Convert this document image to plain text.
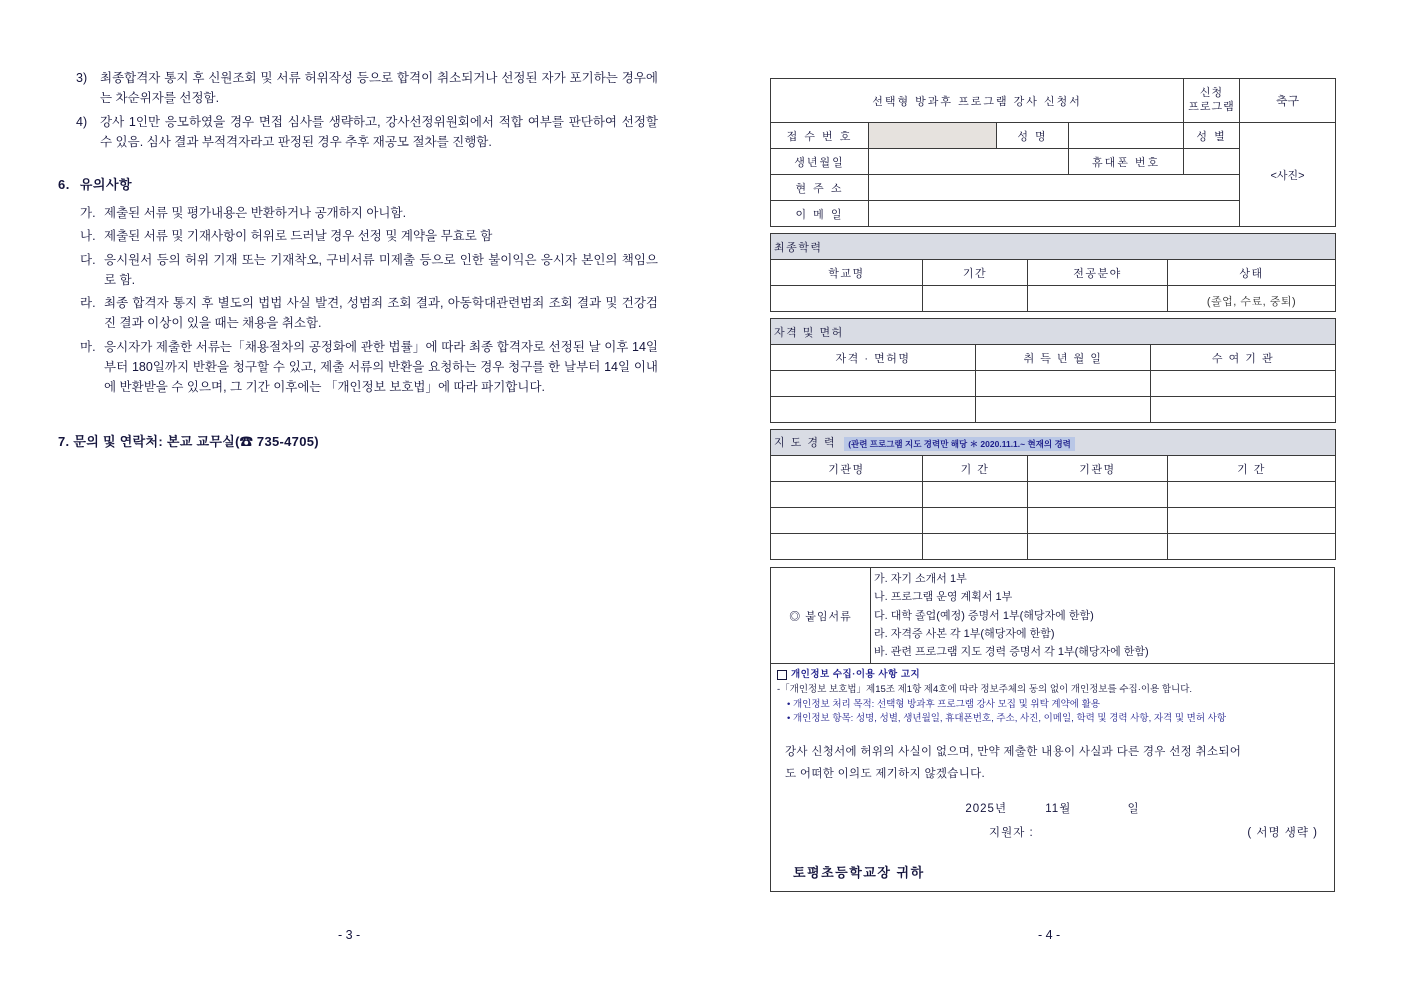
3)	최종합격자 통지 후 신원조회 및 서류 허위작성 등으로 합격이 취소되거나 선정된 자가 포기하는 경우에는 차순위자를 선정함.
4)	강사 1인만 응모하였을 경우 면접 심사를 생략하고, 강사선정위원회에서 적합 여부를 판단하여 선정할 수 있음. 심사 결과 부적격자라고 판정된 경우 추후 재공모 절차를 진행함.
6. 유의사항
가. 제출된 서류 및 평가내용은 반환하거나 공개하지 아니함.
나. 제출된 서류 및 기재사항이 허위로 드러날 경우 선정 및 계약을 무효로 함
다. 응시원서 등의 허위 기재 또는 기재착오, 구비서류 미제출 등으로 인한 불이익은 응시자 본인의 책임으로 함.
라. 최종 합격자 통지 후 별도의 법법 사실 발견, 성범죄 조회 결과, 아동학대관련범죄 조회 결과 및 건강검진 결과 이상이 있을 때는 채용을 취소함.
마. 응시자가 제출한 서류는「채용절차의 공정화에 관한 법률」에 따라 최종 합격자로 선정된 날 이후 14일부터 180일까지 반환을 청구할 수 있고, 제출 서류의 반환을 요청하는 경우 청구를 한 날부터 14일 이내에 반환받을 수 있으며, 그 기간 이후에는 「개인정보 보호법」에 따라 파기합니다.
7. 문의 및 연락처: 본교 교무실(☎ 735-4705)
- 3 -	- 4 -
선택형 방과후 프로그램 강사 신청서				신청
프로그램	축구
접 수 번 호		성 명		성 별	<사진>
생년월일			휴대폰 번호		
현 주 소					
이 메 일					
최종학력			
학교명	기간	전공분야	상태
			(졸업, 수료, 중퇴)
자격 및 면허		
자격 · 면허명	취 득 년 월 일	수 여 기 관

지 도 경 력 (관련 프로그램 지도 경력만 해당 ＊ 2020.11.1.~ 현재의 경력			
기관명	기 간	기관명	기 간

◎ 붙임서류	
가. 자기 소개서 1부
나. 프로그램 운영 계획서 1부
다. 대학 졸업(예정) 증명서 1부(해당자에 한함)
라. 자격증 사본 각 1부(해당자에 한함)
바. 관련 프로그램 지도 경력 증명서 각 1부(해당자에 한함)
개인정보 수집·이용 사항 고지
-「개인정보 보호법」제15조 제1항 제4호에 따라 정보주체의 동의 없이 개인정보를 수집·이용 합니다.
• 개인정보 처리 목적: 선택형 방과후 프로그램 강사 모집 및 위탁 계약에 활용
• 개인정보 항목: 성명, 성별, 생년월일, 휴대폰번호, 주소, 사진, 이메일, 학력 및 경력 사항, 자격 및 면허 사항
강사 신청서에 허위의 사실이 없으며, 만약 제출한 내용이 사실과 다른 경우 선정 취소되어
도 어떠한 이의도 제기하지 않겠습니다.
2025년	11월	일
지원자 :	( 서명 생략 )
토평초등학교장 귀하
